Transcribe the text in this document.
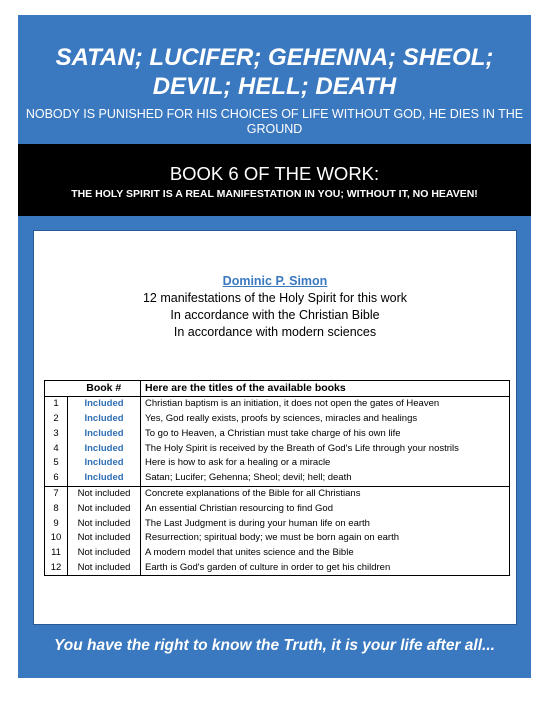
SATAN; LUCIFER; GEHENNA; SHEOL;
DEVIL; HELL; DEATH
NOBODY IS PUNISHED FOR HIS CHOICES OF LIFE WITHOUT GOD, HE DIES IN THE GROUND
BOOK 6 OF THE WORK:
THE HOLY SPIRIT IS A REAL MANIFESTATION IN YOU; WITHOUT IT, NO HEAVEN!
Dominic P. Simon
12 manifestations of the Holy Spirit for this work
In accordance with the Christian Bible
In accordance with modern sciences
	Book #	Here are the titles of the available books
1	Included	Christian baptism is an initiation, it does not open the gates of Heaven
2	Included	Yes, God really exists, proofs by sciences, miracles and healings
3	Included	To go to Heaven, a Christian must take charge of his own life
4	Included	The Holy Spirit is received by the Breath of God's Life through your nostrils
5	Included	Here is how to ask for a healing or a miracle
6	Included	Satan; Lucifer; Gehenna; Sheol; devil; hell; death
7	Not included	Concrete explanations of the Bible for all Christians
8	Not included	An essential Christian resourcing to find God
9	Not included	The Last Judgment is during your human life on earth
10	Not included	Resurrection; spiritual body; we must be born again on earth
11	Not included	A modern model that unites science and the Bible
12	Not included	Earth is God's garden of culture in order to get his children
You have the right to know the Truth, it is your life after all...
